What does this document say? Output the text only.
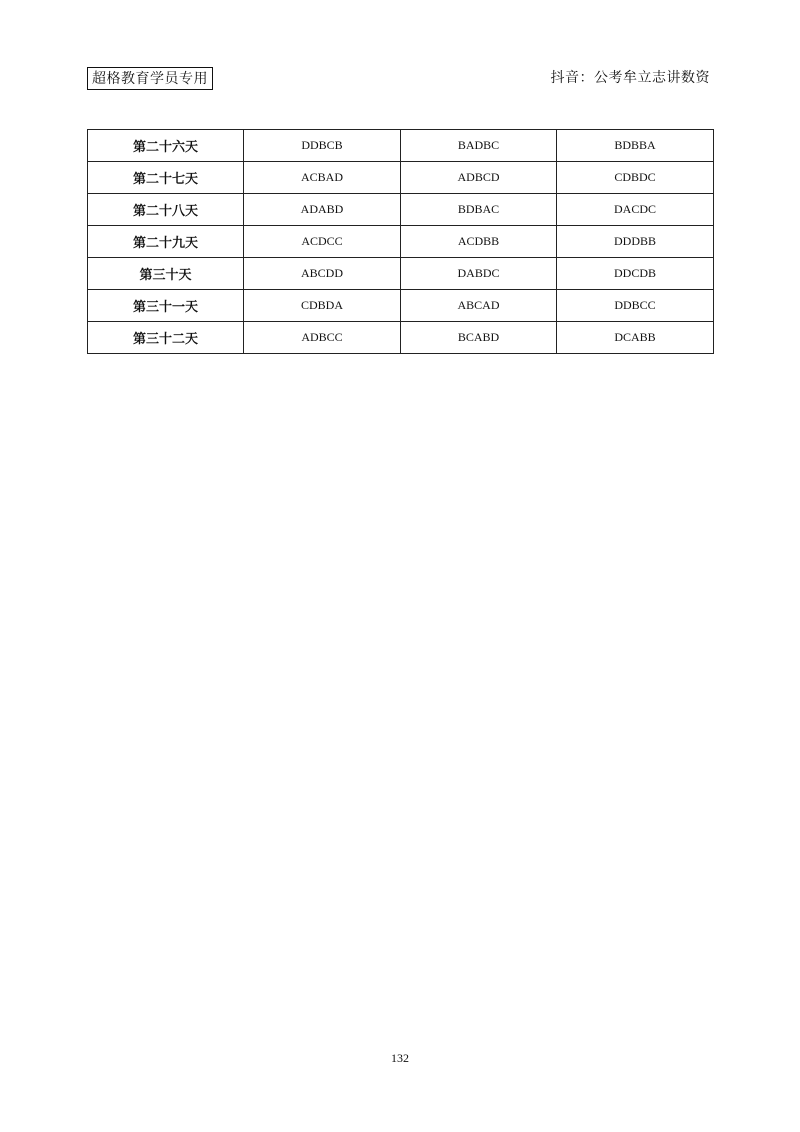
超格教育学员专用	抖音：公考牟立志讲数资
第二十六天	DDBCB	BADBC	BDBBA
第二十七天	ACBAD	ADBCD	CDBDC
第二十八天	ADABD	BDBAC	DACDC
第二十九天	ACDCC	ACDBB	DDDBB
第三十天	ABCDD	DABDC	DDCDB
第三十一天	CDBDA	ABCAD	DDBCC
第三十二天	ADBCC	BCABD	DCABB
132
